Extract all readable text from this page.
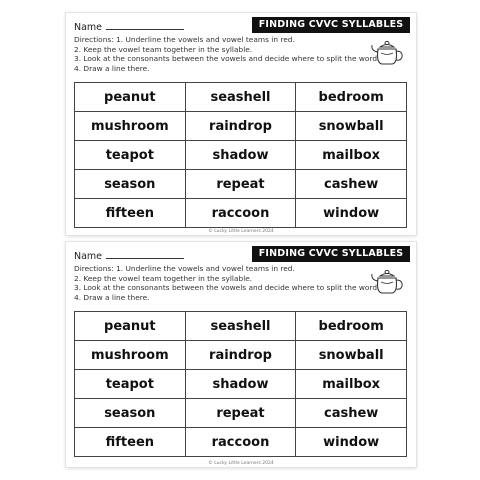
Name	FINDING CVVC SYLLABLES
Directions: 1. Underline the vowels and vowel teams in red.
2. Keep the vowel team together in the syllable.
3. Look at the consonants between the vowels and decide where to split the word.
4. Draw a line there.
peanut	seashell	bedroom
mushroom	raindrop	snowball
teapot	shadow	mailbox
season	repeat	cashew
fifteen	raccoon	window
© Lucky Little Learners 2024
Name	FINDING CVVC SYLLABLES
Directions: 1. Underline the vowels and vowel teams in red.
2. Keep the vowel team together in the syllable.
3. Look at the consonants between the vowels and decide where to split the word.
4. Draw a line there.
peanut	seashell	bedroom
mushroom	raindrop	snowball
teapot	shadow	mailbox
season	repeat	cashew
fifteen	raccoon	window
© Lucky Little Learners 2024
